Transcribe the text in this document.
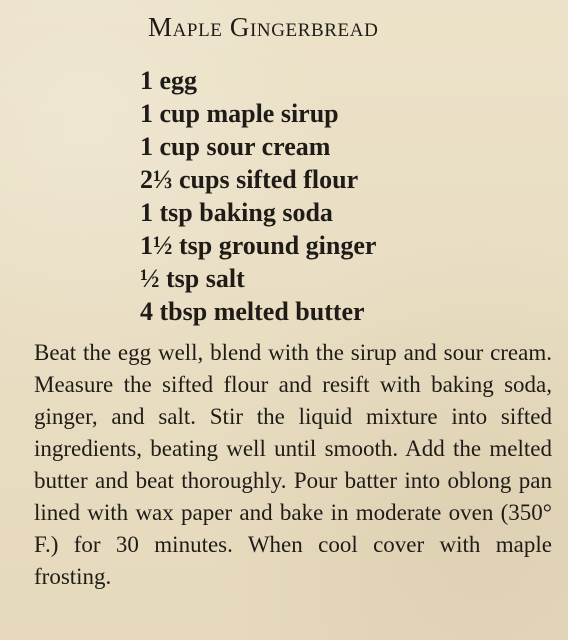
Maple Gingerbread
1 egg
1 cup maple sirup
1 cup sour cream
2⅓ cups sifted flour
1 tsp baking soda
1½ tsp ground ginger
½ tsp salt
4 tbsp melted butter

Beat the egg well, blend with the sirup and sour cream. Measure the sifted flour and resift with baking soda, ginger, and salt. Stir the liquid mixture into sifted ingredients, beating well until smooth. Add the melted butter and beat thoroughly. Pour batter into oblong pan lined with wax paper and bake in moderate oven (350° F.) for 30 minutes. When cool cover with maple frosting.
